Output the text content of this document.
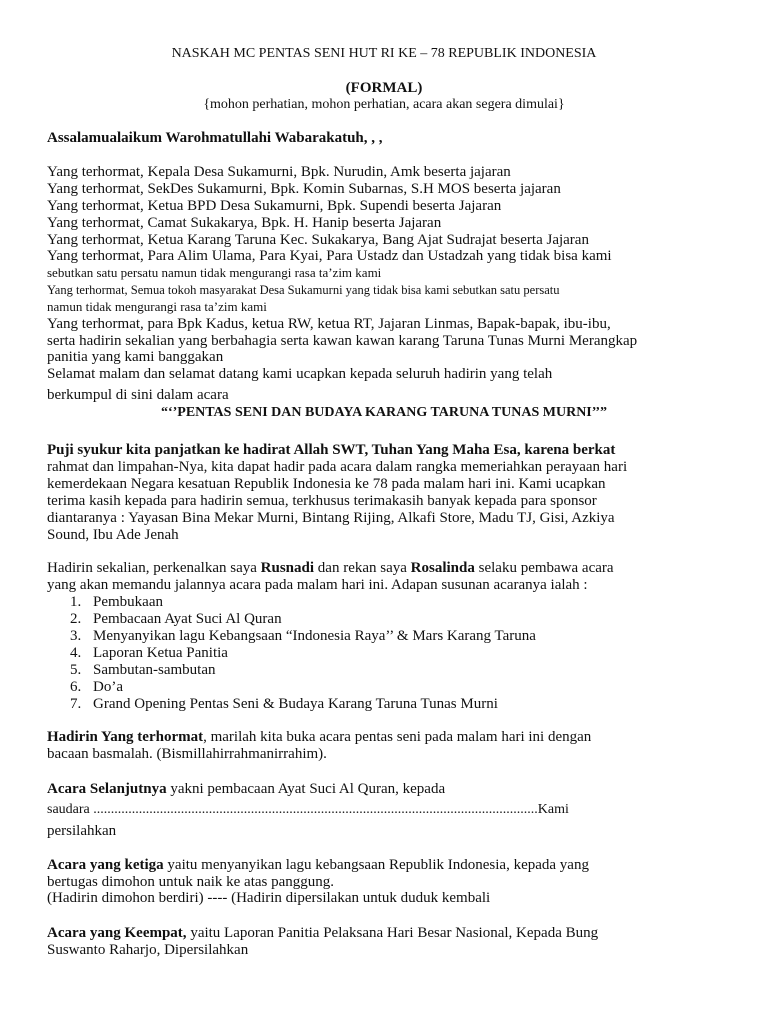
NASKAH MC PENTAS SENI HUT RI KE – 78 REPUBLIK INDONESIA
(FORMAL)
{mohon perhatian, mohon perhatian, acara akan segera dimulai}
Assalamualaikum Warohmatullahi Wabarakatuh, , ,
Yang terhormat, Kepala Desa Sukamurni, Bpk. Nurudin, Amk beserta jajaran
Yang terhormat, SekDes Sukamurni, Bpk. Komin Subarnas, S.H MOS beserta jajaran
Yang terhormat, Ketua BPD Desa Sukamurni, Bpk. Supendi beserta Jajaran
Yang terhormat, Camat Sukakarya, Bpk. H. Hanip beserta Jajaran
Yang terhormat, Ketua Karang Taruna Kec. Sukakarya, Bang Ajat Sudrajat beserta Jajaran
Yang terhormat, Para Alim Ulama, Para Kyai, Para Ustadz dan Ustadzah yang tidak bisa kami
sebutkan satu persatu namun tidak mengurangi rasa ta’zim kami
Yang terhormat, Semua tokoh masyarakat Desa Sukamurni yang tidak bisa kami sebutkan satu persatu
namun tidak mengurangi rasa ta’zim kami
Yang terhormat, para Bpk Kadus, ketua RW, ketua RT, Jajaran Linmas, Bapak-bapak, ibu-ibu,
serta hadirin sekalian yang berbahagia serta kawan kawan karang Taruna Tunas Murni Merangkap
panitia yang kami banggakan
Selamat malam dan selamat datang kami ucapkan kepada seluruh hadirin yang telah
berkumpul di sini dalam acara
“‘’PENTAS SENI DAN BUDAYA KARANG TARUNA TUNAS MURNI’’”
Puji syukur kita panjatkan ke hadirat Allah SWT, Tuhan Yang Maha Esa, karena berkat
rahmat dan limpahan-Nya, kita dapat hadir pada acara dalam rangka memeriahkan perayaan hari
kemerdekaan Negara kesatuan Republik Indonesia ke 78 pada malam hari ini. Kami ucapkan
terima kasih kepada para hadirin semua, terkhusus terimakasih banyak kepada para sponsor
diantaranya : Yayasan Bina Mekar Murni, Bintang Rijing, Alkafi Store, Madu TJ, Gisi, Azkiya
Sound, Ibu Ade Jenah
Hadirin sekalian, perkenalkan saya Rusnadi dan rekan saya Rosalinda selaku pembawa acara
yang akan memandu jalannya acara pada malam hari ini. Adapan susunan acaranya ialah :
1. Pembukaan
2. Pembacaan Ayat Suci Al Quran
3. Menyanyikan lagu Kebangsaan “Indonesia Raya’’ & Mars Karang Taruna
4. Laporan Ketua Panitia
5. Sambutan-sambutan
6. Do’a
7. Grand Opening Pentas Seni & Budaya Karang Taruna Tunas Murni
Hadirin Yang terhormat, marilah kita buka acara pentas seni pada malam hari ini dengan
bacaan basmalah. (Bismillahirrahmanirrahim).
Acara Selanjutnya yakni pembacaan Ayat Suci Al Quran, kepada
saudara ...............................................................................................................................Kami
persilahkan
Acara yang ketiga yaitu menyanyikan lagu kebangsaan Republik Indonesia, kepada yang
bertugas dimohon untuk naik ke atas panggung.
(Hadirin dimohon berdiri) ---- (Hadirin dipersilakan untuk duduk kembali
Acara yang Keempat, yaitu Laporan Panitia Pelaksana Hari Besar Nasional, Kepada Bung
Suswanto Raharjo, Dipersilahkan
